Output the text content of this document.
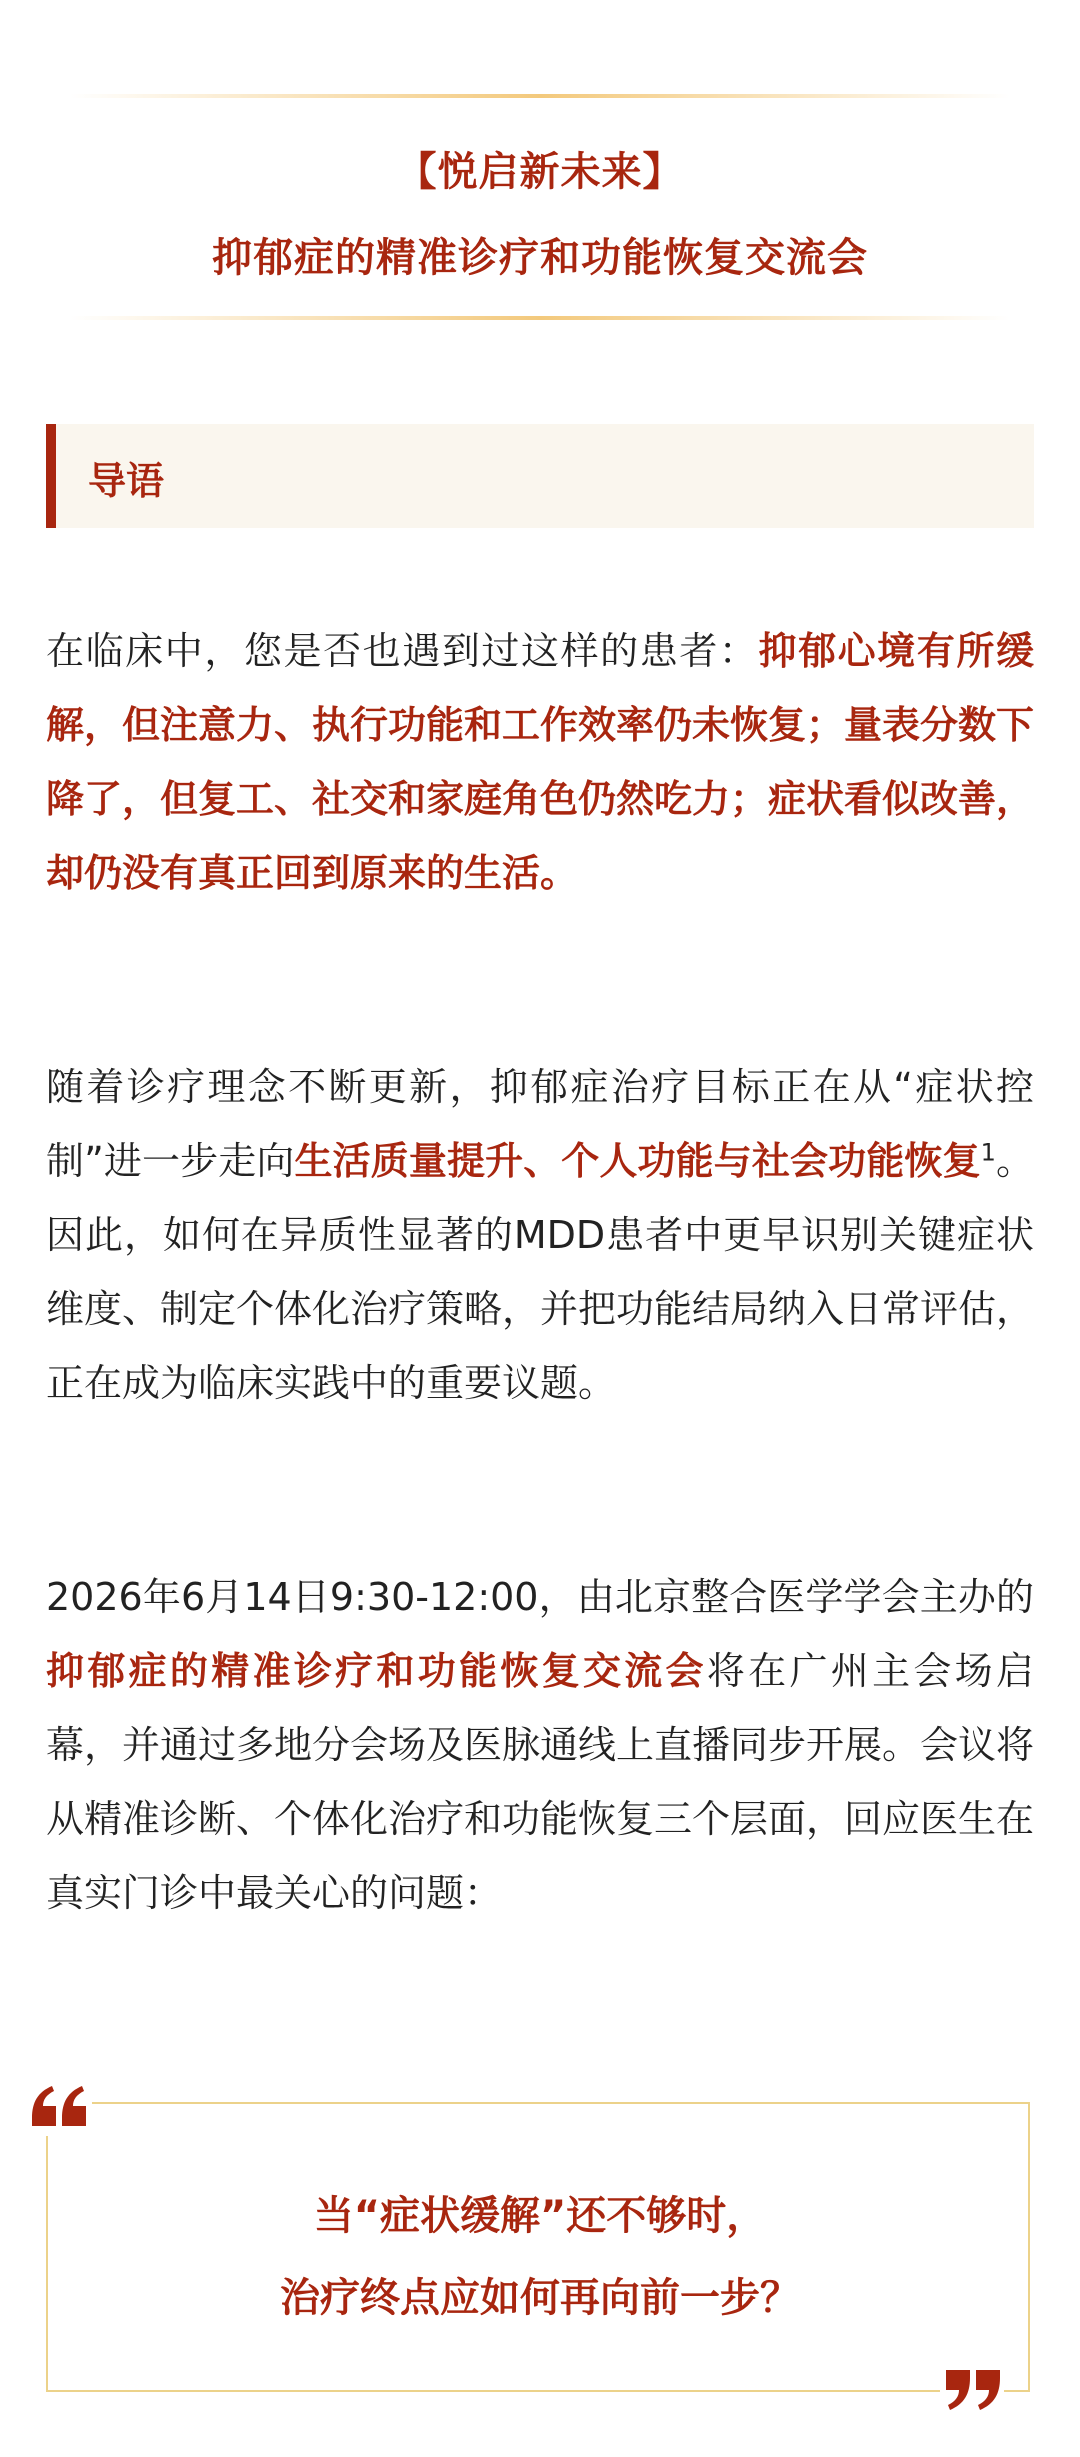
【悦启新未来】
抑郁症的精准诊疗和功能恢复交流会
导语
在临床中，您是否也遇到过这样的患者：抑郁心境有所缓解，但注意力、执行功能和工作效率仍未恢复；量表分数下降了，但复工、社交和家庭角色仍然吃力；症状看似改善，却仍没有真正回到原来的生活。
随着诊疗理念不断更新，抑郁症治疗目标正在从“症状控制”进一步走向生活质量提升、个人功能与社会功能恢复$^1$。因此，如何在异质性显著的MDD患者中更早识别关键症状维度、制定个体化治疗策略，并把功能结局纳入日常评估，正在成为临床实践中的重要议题。
2026年6月14日9:30-12:00，由北京整合医学学会主办的抑郁症的精准诊疗和功能恢复交流会将在广州主会场启幕，并通过多地分会场及医脉通线上直播同步开展。会议将从精准诊断、个体化治疗和功能恢复三个层面，回应医生在真实门诊中最关心的问题：
当“症状缓解”还不够时，
治疗终点应如何再向前一步？
